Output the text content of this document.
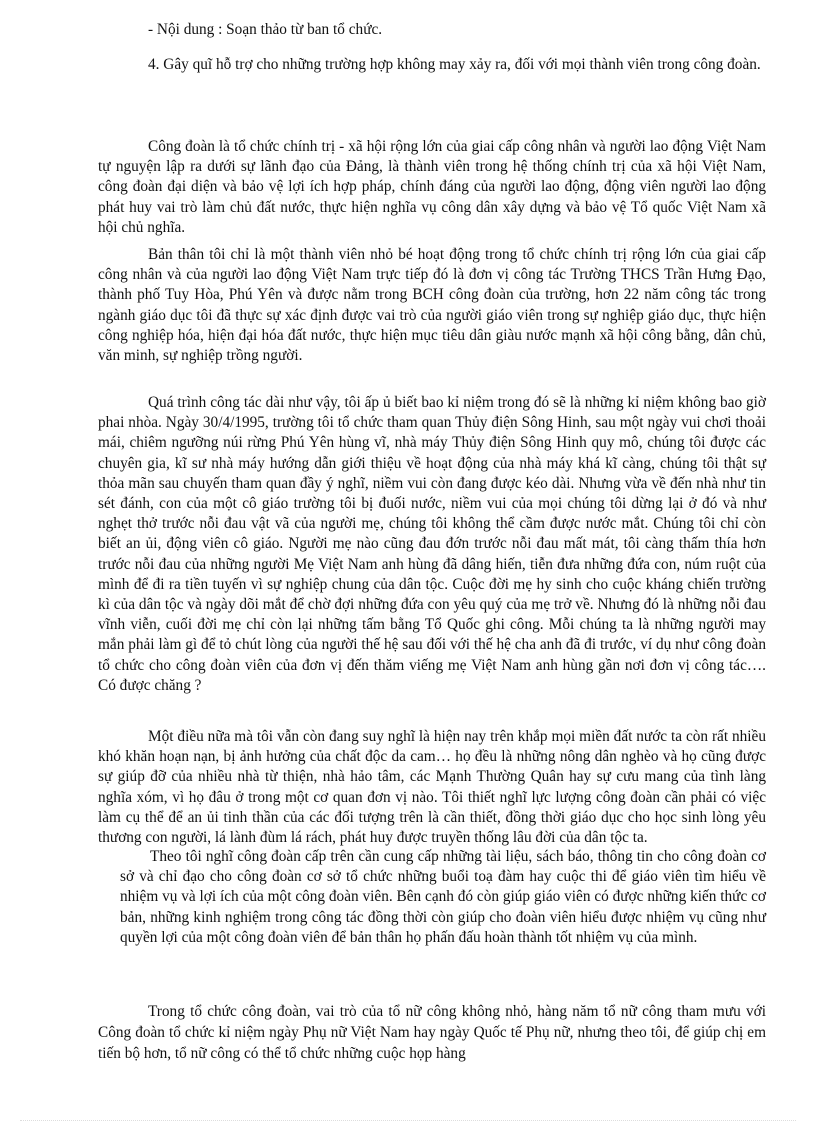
- Nội dung : Soạn thảo từ ban tổ chức.

4. Gây quĩ hỗ trợ cho những trường hợp không may xảy ra, đối với mọi thành viên trong công đoàn.

Công đoàn là tổ chức chính trị - xã hội rộng lớn của giai cấp công nhân và người lao động Việt Nam tự nguyện lập ra dưới sự lãnh đạo của Đảng, là thành viên trong hệ thống chính trị của xã hội Việt Nam, công đoàn đại diện và bảo vệ lợi ích hợp pháp, chính đáng của người lao động, động viên người lao động phát huy vai trò làm chủ đất nước, thực hiện nghĩa vụ công dân xây dựng và bảo vệ Tổ quốc Việt Nam xã hội chủ nghĩa.

Bản thân tôi chỉ là một thành viên nhỏ bé hoạt động trong tổ chức chính trị rộng lớn của giai cấp công nhân và của người lao động Việt Nam trực tiếp đó là đơn vị công tác Trường THCS Trần Hưng Đạo, thành phố Tuy Hòa, Phú Yên và được nằm trong BCH công đoàn của trường, hơn 22 năm công tác trong ngành giáo dục tôi đã thực sự xác định được vai trò của người giáo viên trong sự nghiệp giáo dục, thực hiện công nghiệp hóa, hiện đại hóa đất nước, thực hiện mục tiêu dân giàu nước mạnh xã hội công bằng, dân chủ, văn minh, sự nghiệp trồng người.

Quá trình công tác dài như vậy, tôi ấp ủ biết bao kỉ niệm trong đó sẽ là những kỉ niệm không bao giờ phai nhòa. Ngày 30/4/1995, trường tôi tổ chức tham quan Thủy điện Sông Hinh, sau một ngày vui chơi thoải mái, chiêm ngưỡng núi rừng Phú Yên hùng vĩ, nhà máy Thủy điện Sông Hinh quy mô, chúng tôi được các chuyên gia, kĩ sư nhà máy hướng dẫn giới thiệu về hoạt động của nhà máy khá kĩ càng, chúng tôi thật sự thỏa mãn sau chuyến tham quan đầy ý nghĩ, niềm vui còn đang được kéo dài. Nhưng vừa về đến nhà như tin sét đánh, con của một cô giáo trường tôi bị đuối nước, niềm vui của mọi chúng tôi dừng lại ở đó và như nghẹt thở trước nỗi đau vật vã của người mẹ, chúng tôi không thể cầm được nước mắt. Chúng tôi chỉ còn biết an ủi, động viên cô giáo. Người mẹ nào cũng đau đớn trước nỗi đau mất mát, tôi càng thấm thía hơn trước nỗi đau của những người Mẹ Việt Nam anh hùng đã dâng hiến, tiễn đưa những đứa con, núm ruột của mình để đi ra tiền tuyến vì sự nghiệp chung của dân tộc. Cuộc đời mẹ hy sinh cho cuộc kháng chiến trường kì của dân tộc và ngày dõi mắt để chờ đợi những đứa con yêu quý của mẹ trở về. Nhưng đó là những nỗi đau vĩnh viễn, cuối đời mẹ chỉ còn lại những tấm bằng Tổ Quốc ghi công. Mỗi chúng ta là những người may mắn phải làm gì để tỏ chút lòng của người thế hệ sau đối với thế hệ cha anh đã đi trước, ví dụ như công đoàn tổ chức cho công đoàn viên của đơn vị đến thăm viếng mẹ Việt Nam anh hùng gần nơi đơn vị công tác…. Có được chăng ?

Một điều nữa mà tôi vẫn còn đang suy nghĩ là hiện nay trên khắp mọi miền đất nước ta còn rất nhiều khó khăn hoạn nạn, bị ảnh hưởng của chất độc da cam… họ đều là những nông dân nghèo và họ cũng được sự giúp đỡ của nhiều nhà từ thiện, nhà hảo tâm, các Mạnh Thường Quân hay sự cưu mang của tình làng nghĩa xóm, vì họ đâu ở trong một cơ quan đơn vị nào. Tôi thiết nghĩ lực lượng công đoàn cần phải có việc làm cụ thể để an ủi tinh thần của các đối tượng trên là cần thiết, đồng thời giáo dục cho học sinh lòng yêu thương con người, lá lành đùm lá rách, phát huy được truyền thống lâu đời của dân tộc ta.

Theo tôi nghĩ công đoàn cấp trên cần cung cấp những tài liệu, sách báo, thông tin cho công đoàn cơ sở và chỉ đạo cho công đoàn cơ sở tổ chức những buổi toạ đàm hay cuộc thi để giáo viên tìm hiểu về nhiệm vụ và lợi ích của một công đoàn viên. Bên cạnh đó còn giúp giáo viên có được những kiến thức cơ bản, những kinh nghiệm trong công tác đồng thời còn giúp cho đoàn viên hiểu được nhiệm vụ cũng như quyền lợi của một công đoàn viên để bản thân họ phấn đấu hoàn thành tốt nhiệm vụ của mình.

Trong tổ chức công đoàn, vai trò của tổ nữ công không nhỏ, hàng năm tổ nữ công tham mưu với Công đoàn tổ chức kỉ niệm ngày Phụ nữ Việt Nam hay ngày Quốc tế Phụ nữ, nhưng theo tôi, để giúp chị em tiến bộ hơn, tổ nữ công có thể tổ chức những cuộc họp hàng
